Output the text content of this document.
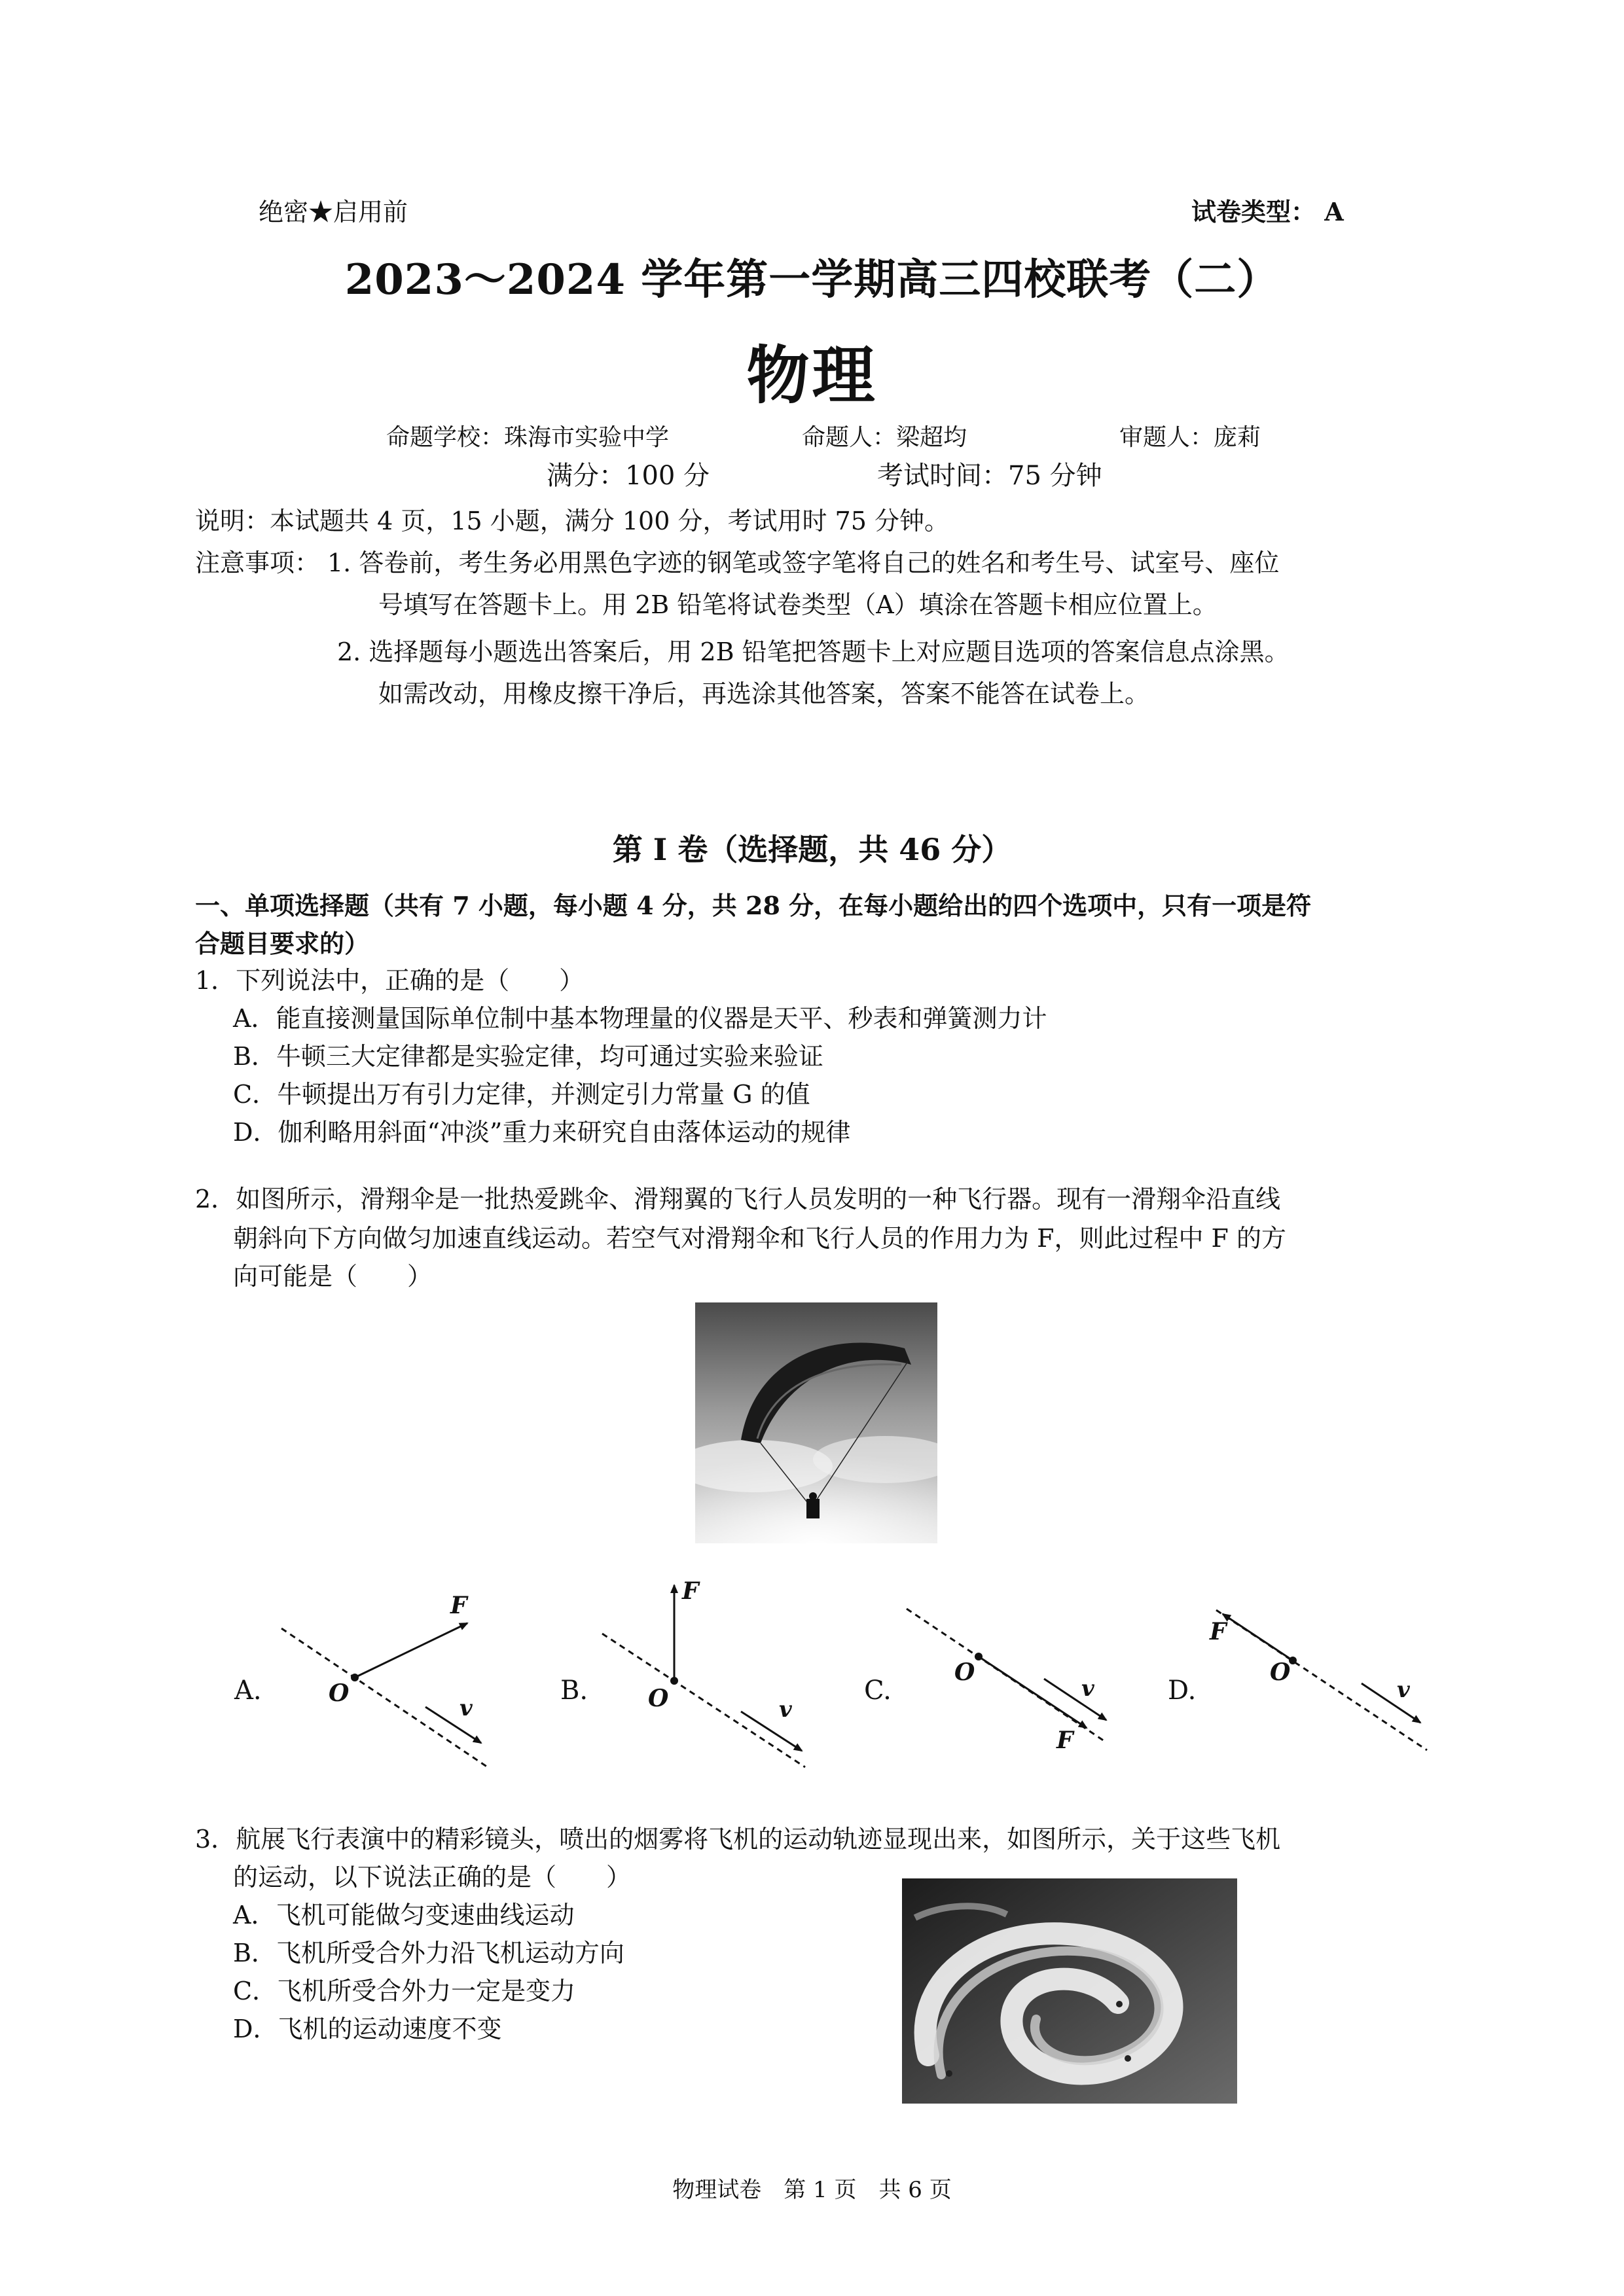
绝密★启用前	试卷类型： A
2023～2024 学年第一学期高三四校联考（二）
物理
命题学校：珠海市实验中学	命题人：梁超均	审题人：庞莉
满分：100 分	考试时间：75 分钟
说明：本试题共 4 页，15 小题，满分 100 分，考试用时 75 分钟。
注意事项： 1. 答卷前，考生务必用黑色字迹的钢笔或签字笔将自己的姓名和考生号、试室号、座位
号填写在答题卡上。用 2B 铅笔将试卷类型（A）填涂在答题卡相应位置上。
2. 选择题每小题选出答案后，用 2B 铅笔把答题卡上对应题目选项的答案信息点涂黑。
如需改动，用橡皮擦干净后，再选涂其他答案，答案不能答在试卷上。
第 I 卷（选择题，共 46 分）
一、单项选择题（共有 7 小题，每小题 4 分，共 28 分，在每小题给出的四个选项中，只有一项是符
合题目要求的）
1．下列说法中，正确的是（　　）
A．能直接测量国际单位制中基本物理量的仪器是天平、秒表和弹簧测力计
B．牛顿三大定律都是实验定律，均可通过实验来验证
C．牛顿提出万有引力定律，并测定引力常量 G 的值
D．伽利略用斜面“冲淡”重力来研究自由落体运动的规律
2．如图所示，滑翔伞是一批热爱跳伞、滑翔翼的飞行人员发明的一种飞行器。现有一滑翔伞沿直线
朝斜向下方向做匀加速直线运动。若空气对滑翔伞和飞行人员的作用力为 F，则此过程中 F 的方
向可能是（　　）
A.	B.	C.	D.
F
O
v
F
O	v
O
v
F
F
O
v
3．航展飞行表演中的精彩镜头，喷出的烟雾将飞机的运动轨迹显现出来，如图所示，关于这些飞机
的运动，以下说法正确的是（　　）
A．飞机可能做匀变速曲线运动
B．飞机所受合外力沿飞机运动方向
C．飞机所受合外力一定是变力
D．飞机的运动速度不变
物理试卷　第 1 页　共 6 页
